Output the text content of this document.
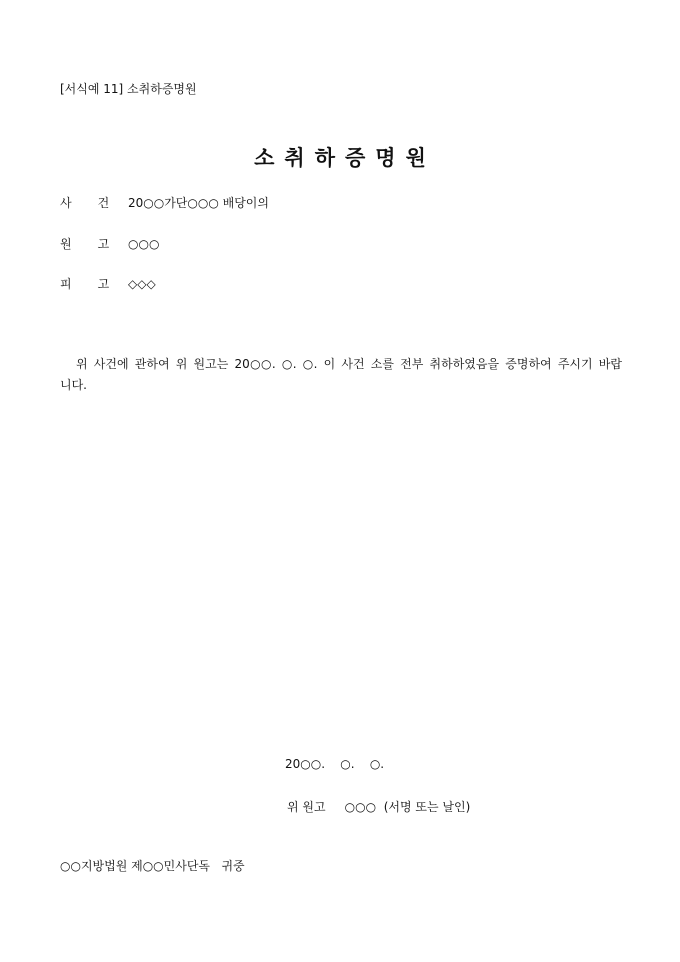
[서식예 11] 소취하증명원
소취하증명원
사건20○○가단○○○ 배당이의
원고○○○
피고◇◇◇
위 사건에 관하여 위 원고는 20○○. ○. ○. 이 사건 소를 전부 취하하였음을 증명하여 주시기 바랍니다.
20○○.    ○.    ○.
위 원고     ○○○  (서명 또는 날인)
○○지방법원 제○○민사단독   귀중
